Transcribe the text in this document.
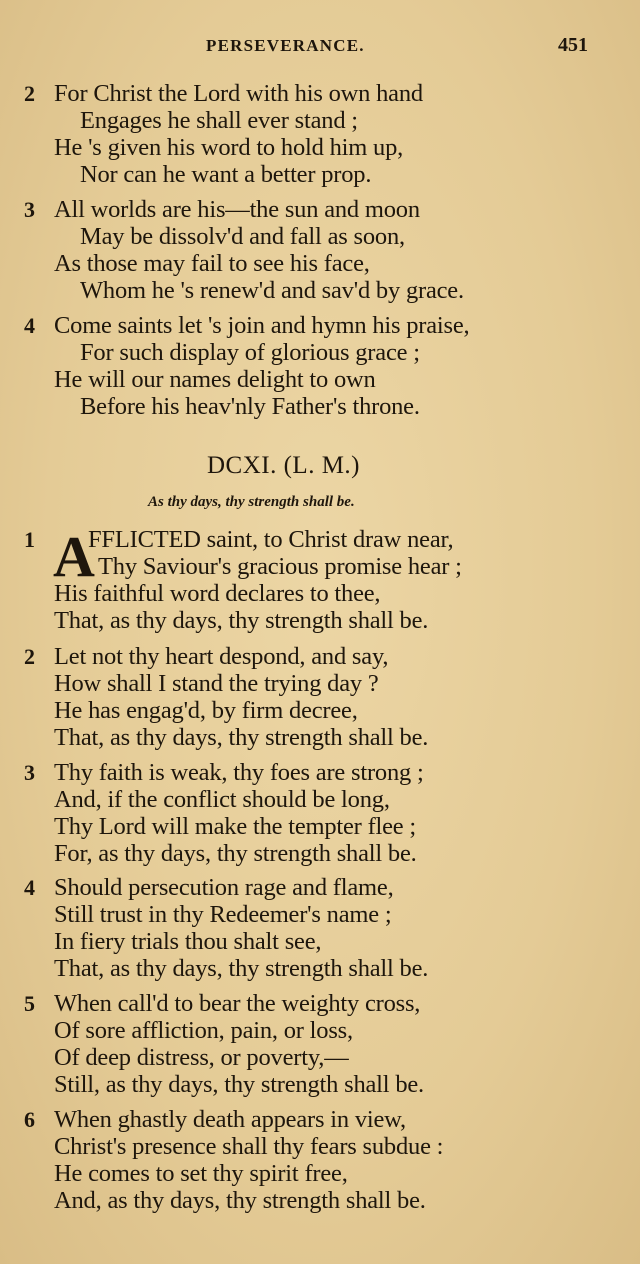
PERSEVERANCE.	451
2 For Christ the Lord with his own hand
Engages he shall ever stand ;
He 's given his word to hold him up,
Nor can he want a better prop.
3 All worlds are his—the sun and moon
May be dissolv'd and fall as soon,
As those may fail to see his face,
Whom he 's renew'd and sav'd by grace.
4 Come saints let 's join and hymn his praise,
For such display of glorious grace ;
He will our names delight to own
Before his heav'nly Father's throne.
DCXI. (L. M.)
As thy days, thy strength shall be.
1 A
FFLICTED saint, to Christ draw near,
Thy Saviour's gracious promise hear ;
His faithful word declares to thee,
That, as thy days, thy strength shall be.
2 Let not thy heart despond, and say,
How shall I stand the trying day ?
He has engag'd, by firm decree,
That, as thy days, thy strength shall be.
3 Thy faith is weak, thy foes are strong ;
And, if the conflict should be long,
Thy Lord will make the tempter flee ;
For, as thy days, thy strength shall be.
4 Should persecution rage and flame,
Still trust in thy Redeemer's name ;
In fiery trials thou shalt see,
That, as thy days, thy strength shall be.
5 When call'd to bear the weighty cross,
Of sore affliction, pain, or loss,
Of deep distress, or poverty,—
Still, as thy days, thy strength shall be.
6 When ghastly death appears in view,
Christ's presence shall thy fears subdue :
He comes to set thy spirit free,
And, as thy days, thy strength shall be.
